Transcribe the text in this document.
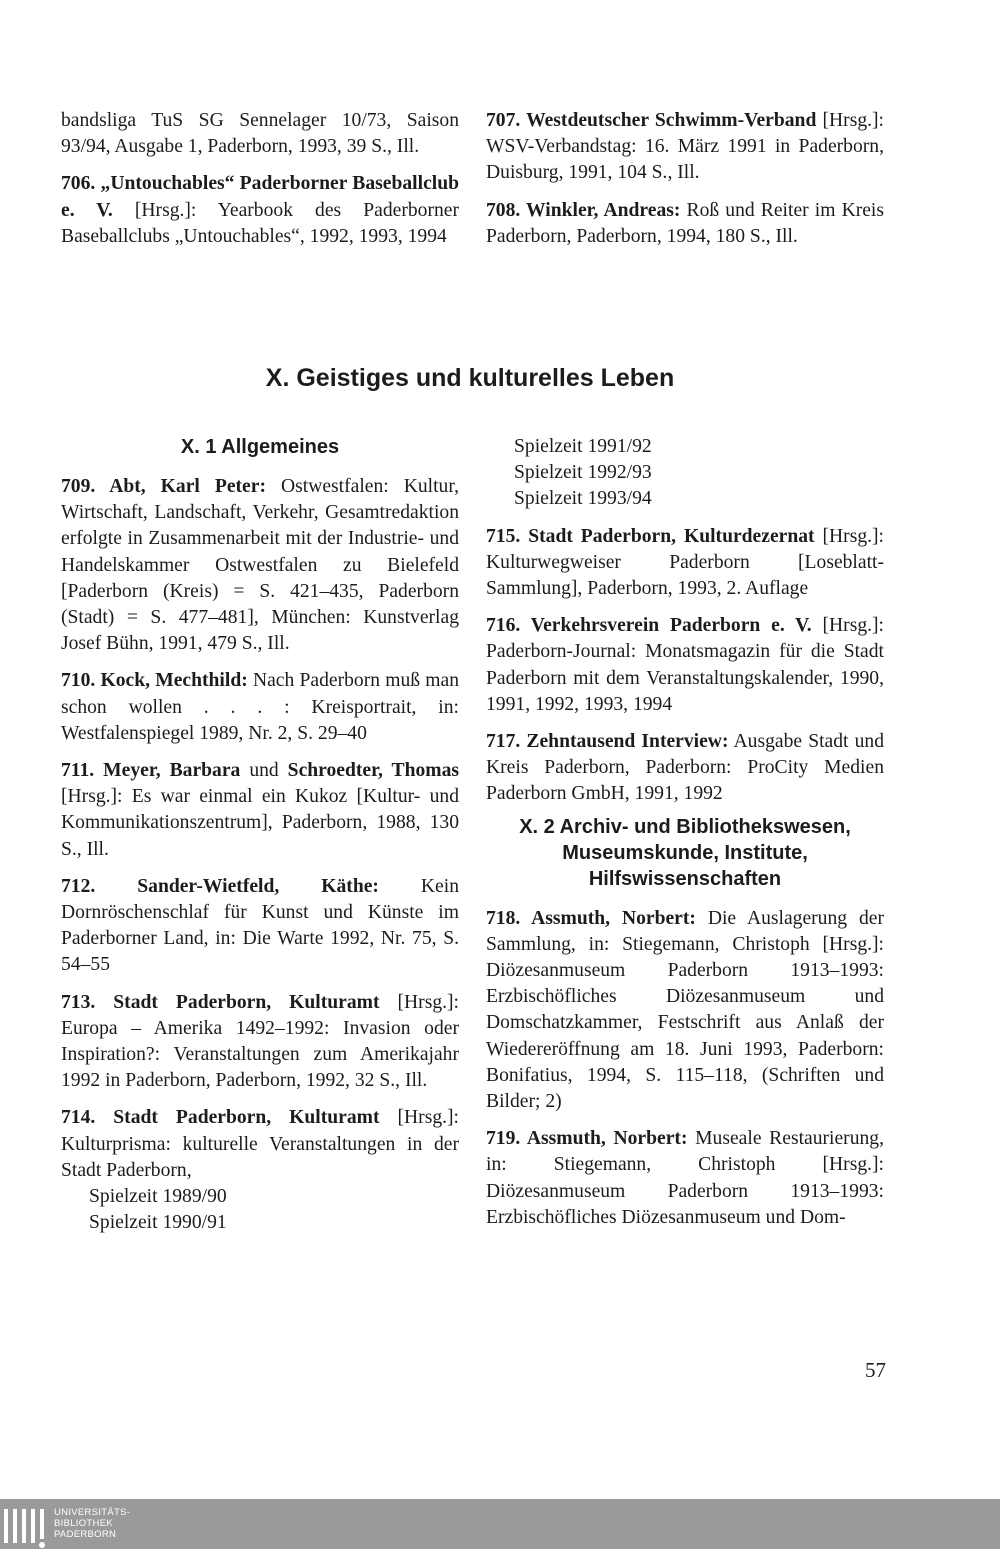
bandsliga TuS SG Sennelager 10/73, Saison 93/94, Ausgabe 1, Paderborn, 1993, 39 S., Ill.
706. „Untouchables“ Paderborner Baseballclub e. V. [Hrsg.]: Yearbook des Paderborner Baseballclubs „Untouchables“, 1992, 1993, 1994
707. Westdeutscher Schwimm-Verband [Hrsg.]: WSV-Verbandstag: 16. März 1991 in Paderborn, Duisburg, 1991, 104 S., Ill.
708. Winkler, Andreas: Roß und Reiter im Kreis Paderborn, Paderborn, 1994, 180 S., Ill.
X. Geistiges und kulturelles Leben
X. 1 Allgemeines
709. Abt, Karl Peter: Ostwestfalen: Kultur, Wirtschaft, Landschaft, Verkehr, Gesamtredaktion erfolgte in Zusammenarbeit mit der Industrie- und Handelskammer Ostwestfalen zu Bielefeld [Paderborn (Kreis) = S. 421–435, Paderborn (Stadt) = S. 477–481], München: Kunstverlag Josef Bühn, 1991, 479 S., Ill.
710. Kock, Mechthild: Nach Paderborn muß man schon wollen . . . : Kreisportrait, in: Westfalenspiegel 1989, Nr. 2, S. 29–40
711. Meyer, Barbara und Schroedter, Thomas [Hrsg.]: Es war einmal ein Kukoz [Kultur- und Kommunikationszentrum], Paderborn, 1988, 130 S., Ill.
712. Sander-Wietfeld, Käthe: Kein Dornröschenschlaf für Kunst und Künste im Paderborner Land, in: Die Warte 1992, Nr. 75, S. 54–55
713. Stadt Paderborn, Kulturamt [Hrsg.]: Europa – Amerika 1492–1992: Invasion oder Inspiration?: Veranstaltungen zum Amerikajahr 1992 in Paderborn, Paderborn, 1992, 32 S., Ill.
714. Stadt Paderborn, Kulturamt [Hrsg.]: Kulturprisma: kulturelle Veranstaltungen in der Stadt Paderborn,
Spielzeit 1989/90
Spielzeit 1990/91
Spielzeit 1991/92
Spielzeit 1992/93
Spielzeit 1993/94
715. Stadt Paderborn, Kulturdezernat [Hrsg.]: Kulturwegweiser Paderborn [Loseblatt-Sammlung], Paderborn, 1993, 2. Auflage
716. Verkehrsverein Paderborn e. V. [Hrsg.]: Paderborn-Journal: Monatsmagazin für die Stadt Paderborn mit dem Veranstaltungskalender, 1990, 1991, 1992, 1993, 1994
717. Zehntausend Interview: Ausgabe Stadt und Kreis Paderborn, Paderborn: ProCity Medien Paderborn GmbH, 1991, 1992
X. 2 Archiv- und Bibliothekswesen, Museumskunde, Institute, Hilfswissenschaften
718. Assmuth, Norbert: Die Auslagerung der Sammlung, in: Stiegemann, Christoph [Hrsg.]: Diözesanmuseum Paderborn 1913–1993: Erzbischöfliches Diözesanmuseum und Domschatzkammer, Festschrift aus Anlaß der Wiedereröffnung am 18. Juni 1993, Paderborn: Bonifatius, 1994, S. 115–118, (Schriften und Bilder; 2)
719. Assmuth, Norbert: Museale Restaurierung, in: Stiegemann, Christoph [Hrsg.]: Diözesanmuseum Paderborn 1913–1993: Erzbischöfliches Diözesanmuseum und Dom-
57
UNIVERSITÄTS-
BIBLIOTHEK
PADERBORN
